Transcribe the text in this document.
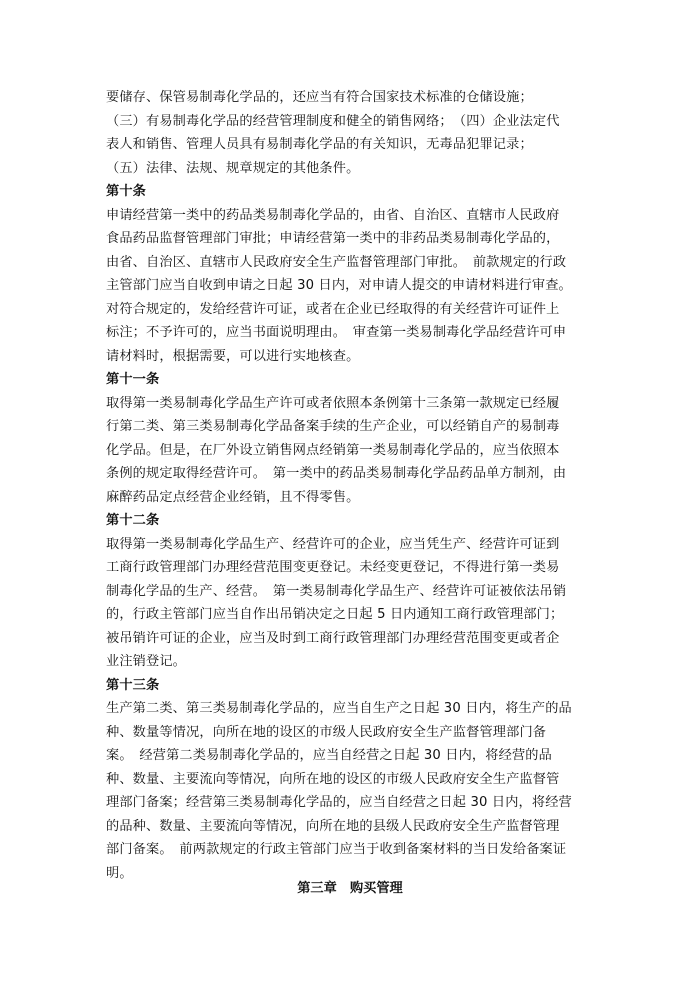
要储存、保管易制毒化学品的，还应当有符合国家技术标准的仓储设施；
（三）有易制毒化学品的经营管理制度和健全的销售网络；　（四）企业法定代
表人和销售、管理人员具有易制毒化学品的有关知识，无毒品犯罪记录；
（五）法律、法规、规章规定的其他条件。
第十条
申请经营第一类中的药品类易制毒化学品的，由省、自治区、直辖市人民政府
食品药品监督管理部门审批；申请经营第一类中的非药品类易制毒化学品的，
由省、自治区、直辖市人民政府安全生产监督管理部门审批。　前款规定的行政
主管部门应当自收到申请之日起 30 日内，对申请人提交的申请材料进行审查。
对符合规定的，发给经营许可证，或者在企业已经取得的有关经营许可证件上
标注；不予许可的，应当书面说明理由。　审查第一类易制毒化学品经营许可申
请材料时，根据需要，可以进行实地核查。
第十一条
取得第一类易制毒化学品生产许可或者依照本条例第十三条第一款规定已经履
行第二类、第三类易制毒化学品备案手续的生产企业，可以经销自产的易制毒
化学品。但是，在厂外设立销售网点经销第一类易制毒化学品的，应当依照本
条例的规定取得经营许可。　第一类中的药品类易制毒化学品药品单方制剂，由
麻醉药品定点经营企业经销，且不得零售。
第十二条
取得第一类易制毒化学品生产、经营许可的企业，应当凭生产、经营许可证到
工商行政管理部门办理经营范围变更登记。未经变更登记，不得进行第一类易
制毒化学品的生产、经营。　第一类易制毒化学品生产、经营许可证被依法吊销
的，行政主管部门应当自作出吊销决定之日起 5 日内通知工商行政管理部门；
被吊销许可证的企业，应当及时到工商行政管理部门办理经营范围变更或者企
业注销登记。
第十三条
生产第二类、第三类易制毒化学品的，应当自生产之日起 30 日内，将生产的品
种、数量等情况，向所在地的设区的市级人民政府安全生产监督管理部门备
案。　经营第二类易制毒化学品的，应当自经营之日起 30 日内，将经营的品
种、数量、主要流向等情况，向所在地的设区的市级人民政府安全生产监督管
理部门备案；经营第三类易制毒化学品的，应当自经营之日起 30 日内，将经营
的品种、数量、主要流向等情况，向所在地的县级人民政府安全生产监督管理
部门备案。　前两款规定的行政主管部门应当于收到备案材料的当日发给备案证
明。
第三章　购买管理
